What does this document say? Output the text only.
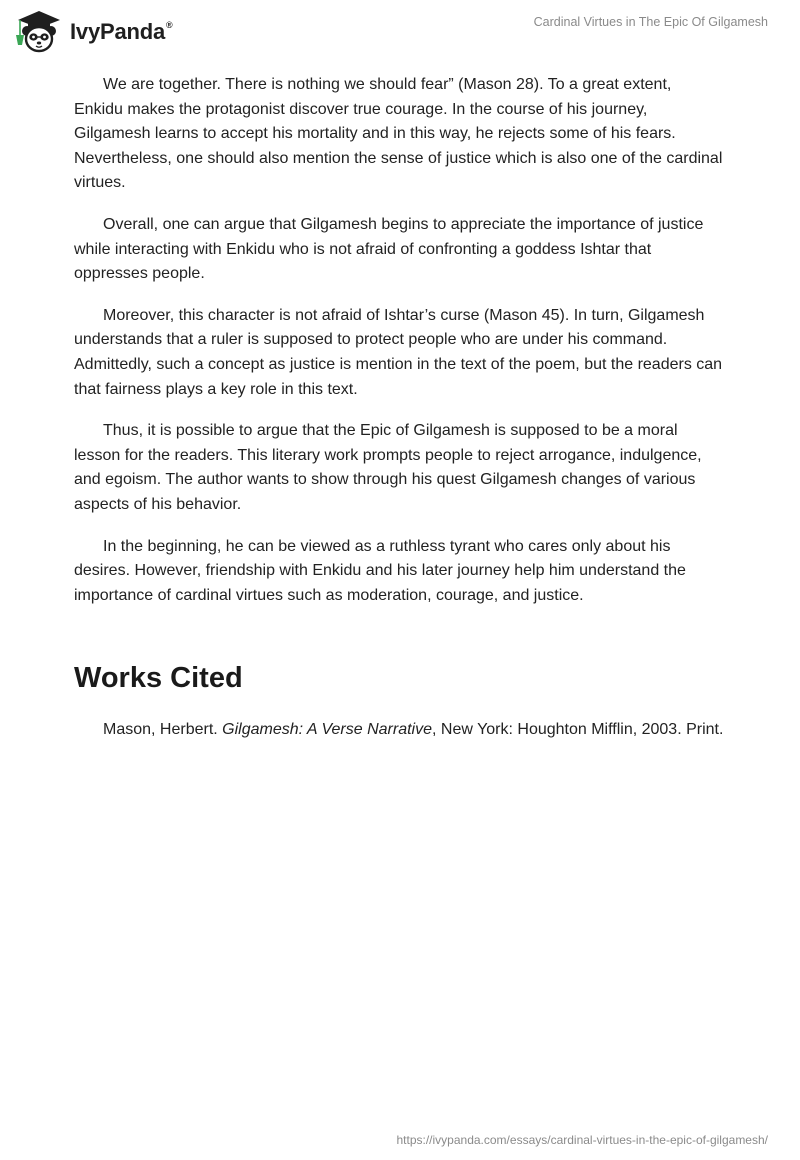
IvyPanda®	Cardinal Virtues in The Epic Of Gilgamesh

We are together. There is nothing we should fear” (Mason 28). To a great extent, Enkidu makes the protagonist discover true courage. In the course of his journey, Gilgamesh learns to accept his mortality and in this way, he rejects some of his fears. Nevertheless, one should also mention the sense of justice which is also one of the cardinal virtues.

Overall, one can argue that Gilgamesh begins to appreciate the importance of justice while interacting with Enkidu who is not afraid of confronting a goddess Ishtar that oppresses people.

Moreover, this character is not afraid of Ishtar’s curse (Mason 45). In turn, Gilgamesh understands that a ruler is supposed to protect people who are under his command. Admittedly, such a concept as justice is mention in the text of the poem, but the readers can that fairness plays a key role in this text.

Thus, it is possible to argue that the Epic of Gilgamesh is supposed to be a moral lesson for the readers. This literary work prompts people to reject arrogance, indulgence, and egoism. The author wants to show through his quest Gilgamesh changes of various aspects of his behavior.

In the beginning, he can be viewed as a ruthless tyrant who cares only about his desires. However, friendship with Enkidu and his later journey help him understand the importance of cardinal virtues such as moderation, courage, and justice.

Works Cited

Mason, Herbert. Gilgamesh: A Verse Narrative, New York: Houghton Mifflin, 2003. Print.

https://ivypanda.com/essays/cardinal-virtues-in-the-epic-of-gilgamesh/
